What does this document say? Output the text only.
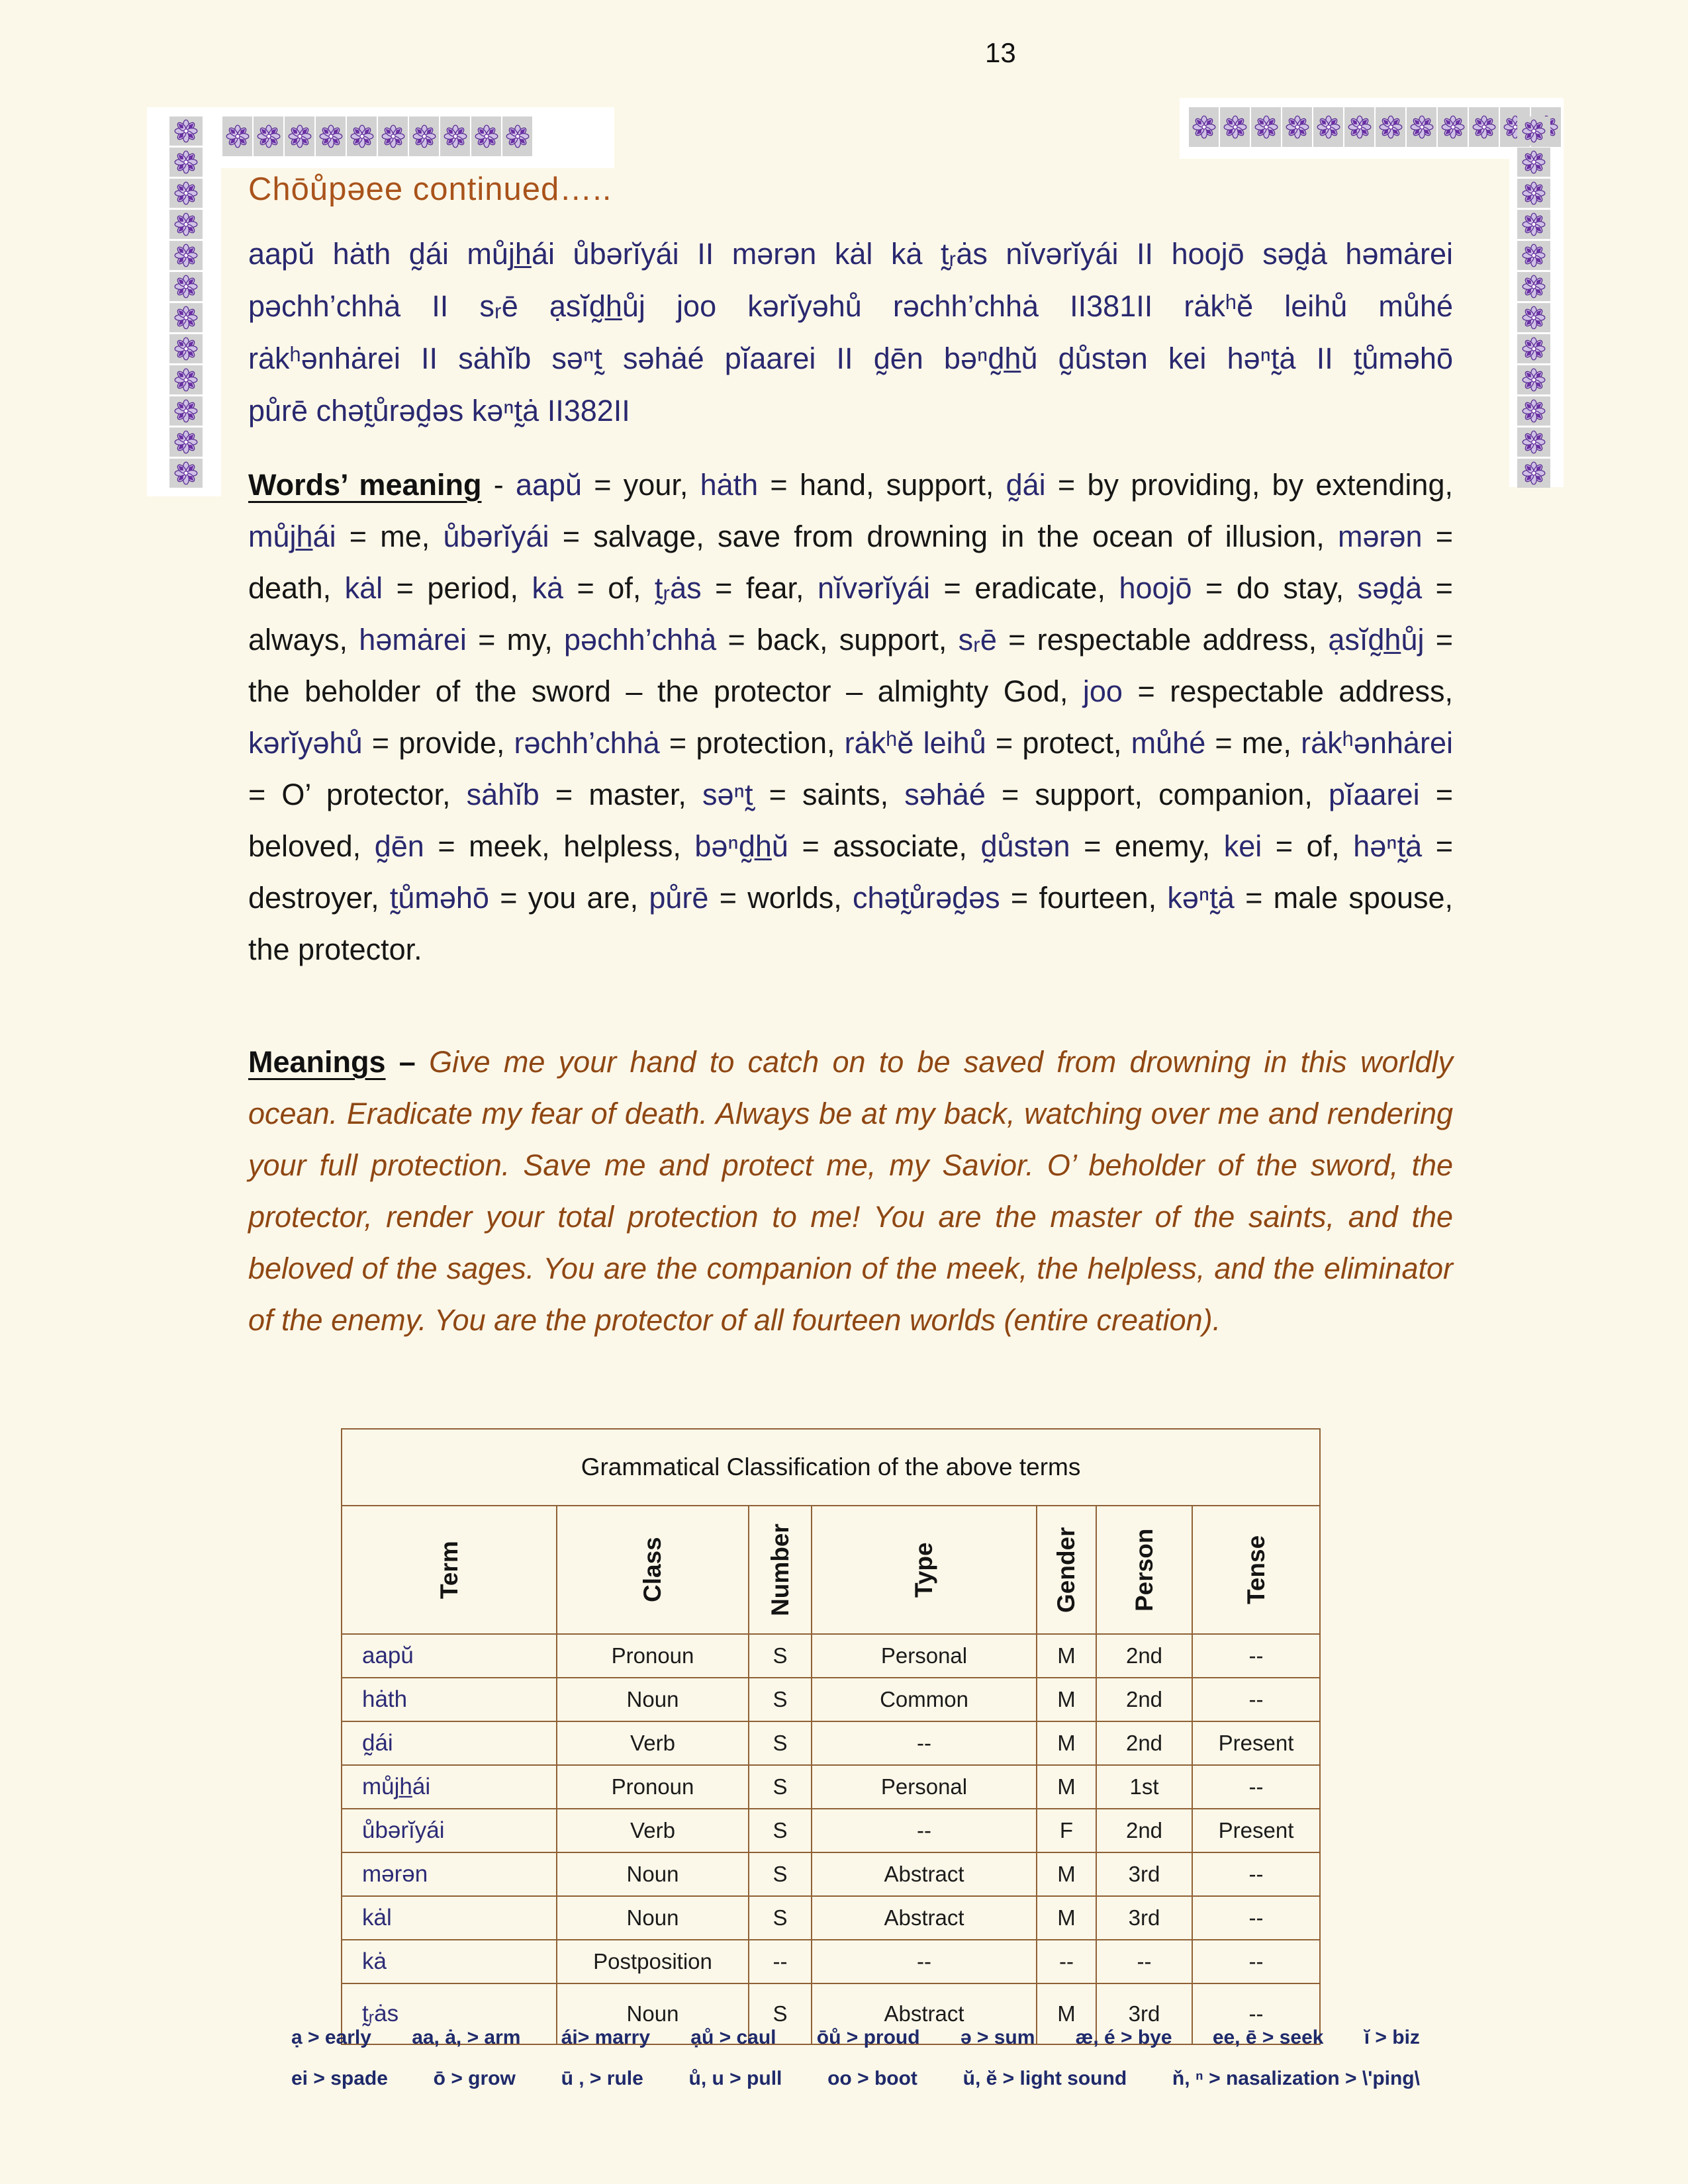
13
Chōůpəee continued…..
aapŭ hȧth d̰ái můjh̲ái ůbərĭyái II mərən kȧl kȧ t̰ᵣȧs nĭvərĭyái II hoojō səd̰ȧ həmȧrei
pəchh’chhȧ II sᵣē ạsĭd̰h̲ůj joo kərĭyəhů rəchh’chhȧ II381II rȧkʰĕ leihů můhé
rȧkʰənhȧrei II sȧhĭb səⁿt̰ səhȧé pĭaarei II d̰ēn bəⁿd̰h̲ŭ d̰ůstən kei həⁿt̰ȧ II t̰ůməhō
půrē chət̰ůrəd̰əs kəⁿt̰ȧ II382II
Words’ meaning - aapŭ = your, hȧth = hand, support, d̰ái = by providing, by extending, můjh̲ái = me, ůbərĭyái = salvage, save from drowning in the ocean of illusion, mərən = death, kȧl = period, kȧ = of, t̰ᵣȧs = fear, nĭvərĭyái = eradicate, hoojō = do stay, səd̰ȧ = always, həmȧrei = my, pəchh’chhȧ = back, support, sᵣē = respectable address, ạsĭd̰h̲ůj = the beholder of the sword – the protector – almighty God, joo = respectable address, kərĭyəhů = provide, rəchh’chhȧ = protection, rȧkʰĕ leihů = protect, můhé = me, rȧkʰənhȧrei = O’ protector, sȧhĭb = master, səⁿt̰ = saints, səhȧé = support, companion, pĭaarei = beloved, d̰ēn = meek, helpless, bəⁿd̰h̲ŭ = associate, d̰ůstən = enemy, kei = of, həⁿt̰ȧ = destroyer, t̰ůməhō = you are, půrē = worlds, chət̰ůrəd̰əs = fourteen, kəⁿt̰ȧ = male spouse, the protector.
Meanings – Give me your hand to catch on to be saved from drowning in this worldly ocean. Eradicate my fear of death. Always be at my back, watching over me and rendering your full protection. Save me and protect me, my Savior. O’ beholder of the sword, the protector, render your total protection to me! You are the master of the saints, and the beloved of the sages. You are the companion of the meek, the helpless, and the eliminator of the enemy. You are the protector of all fourteen worlds (entire creation).
Grammatical Classification of the above terms						

Term	Class	Number	Type	Gender	Person	Tense

aapŭ	Pronoun	S	Personal	M	2nd	--
hȧth	Noun	S	Common	M	2nd	--
d̰ái	Verb	S	--	M	2nd	Present
můjh̲ái	Pronoun	S	Personal	M	1st	--
ůbərĭyái	Verb	S	--	F	2nd	Present
mərən	Noun	S	Abstract	M	3rd	--
kȧl	Noun	S	Abstract	M	3rd	--
kȧ	Postposition	--	--	--	--	--
t̰ᵣȧs	Noun	S	Abstract	M	3rd	--
ạ > early aa, ȧ, > arm ái> marry ạů > caul ōů > proud ə > sum æ, é > bye ee, ē > seek ĭ > biz
ei > spade ō > grow ū , > rule ů, u > pull oo > boot ŭ, ĕ > light sound ň, ⁿ > nasalization > \'ping\
